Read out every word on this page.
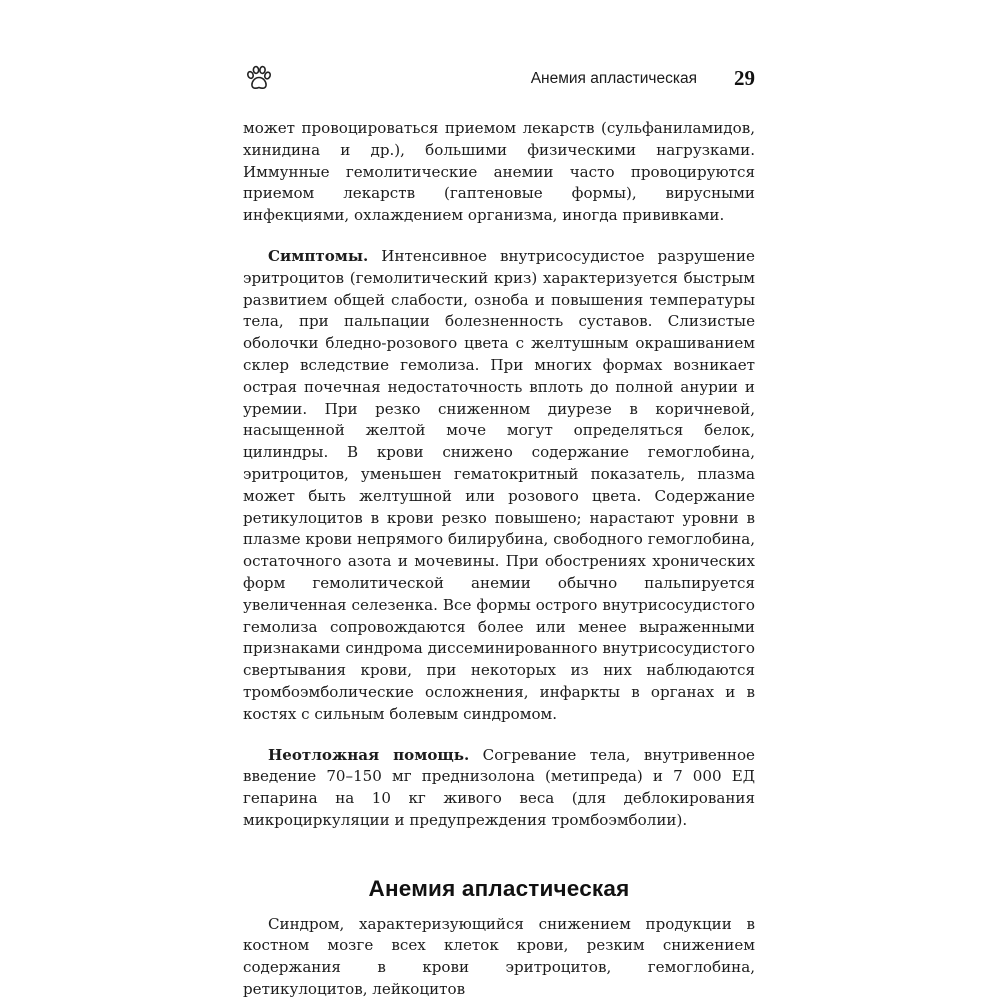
Анемия апластическая 29

может провоцироваться приемом лекарств (сульфаниламидов, хинидина и др.), большими физическими нагрузками. Иммунные гемолитические анемии часто провоцируются приемом лекарств (гаптеновые формы), вирусными инфекциями, охлаждением организма, иногда прививками.

Симптомы. Интенсивное внутрисосудистое разрушение эритроцитов (гемолитический криз) характеризуется быстрым развитием общей слабости, озноба и повышения температуры тела, при пальпации болезненность суставов. Слизистые оболочки бледно-розового цвета с желтушным окрашиванием склер вследствие гемолиза. При многих формах возникает острая почечная недостаточность вплоть до полной анурии и уремии. При резко сниженном диурезе в коричневой, насыщенной желтой моче могут определяться белок, цилиндры. В крови снижено содержание гемоглобина, эритроцитов, уменьшен гематокритный показатель, плазма может быть желтушной или розового цвета. Содержание ретикулоцитов в крови резко повышено; нарастают уровни в плазме крови непрямого билирубина, свободного гемоглобина, остаточного азота и мочевины. При обострениях хронических форм гемолитической анемии обычно пальпируется увеличенная селезенка. Все формы острого внутрисосудистого гемолиза сопровождаются более или менее выраженными признаками синдрома диссеминированного внутрисосудистого свертывания крови, при некоторых из них наблюдаются тромбоэмболические осложнения, инфаркты в органах и в костях с сильным болевым синдромом.

Неотложная помощь. Согревание тела, внутривенное введение 70–150 мг преднизолона (метипреда) и 7 000 ЕД гепарина на 10 кг живого веса (для деблокирования микроциркуляции и предупреждения тромбоэмболии).

Анемия апластическая

Синдром, характеризующийся снижением продукции в костном мозге всех клеток крови, резким снижением содержания в крови эритроцитов, гемоглобина, ретикулоцитов, лейкоцитов
